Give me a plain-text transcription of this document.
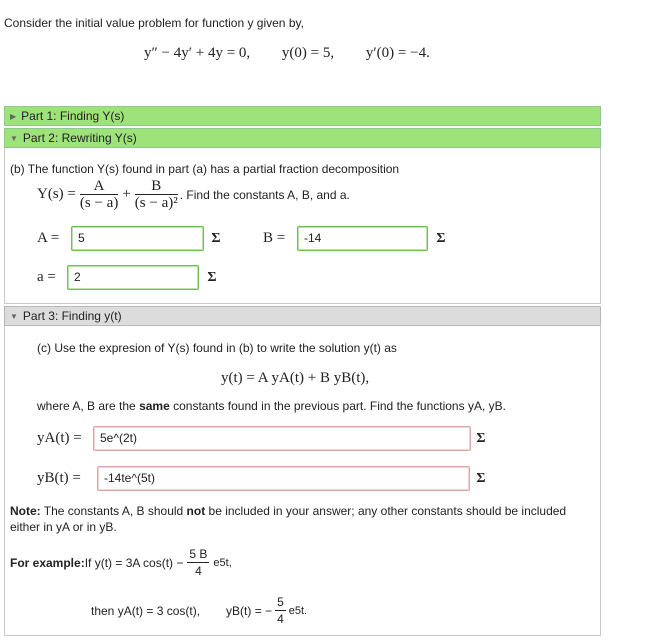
Consider the initial value problem for function y given by,
y″ − 4y′ + 4y = 0, y(0) = 5, y′(0) = −4.
▶ Part 1: Finding Y(s)
▼ Part 2: Rewriting Y(s)
(b) The function Y(s) found in part (a) has a partial fraction decomposition
$Y(s) = \frac{A}{(s - a)} + \frac{B}{\text{(s − a)²}}$ . Find the constants A, B, and a.
A =	5	Σ	B =	-14	Σ
a =	2	Σ
▼ Part 3: Finding y(t)
(c) Use the expresion of Y(s) found in (b) to write the solution y(t) as
y(t) = A yA(t) + B yB(t),
where A, B are the same constants found in the previous part. Find the functions yA, yB.
yA(t) =	5e^(2t)	Σ
yB(t) =	-14te^(5t)	Σ
Note: The constants A, B should not be included in your answer; any other constants should be included either in yA or in yB.
For example: If y(t) = 3A $\cos(t) - \frac{5 B}{4} e5t$,
then yA(t) = 3 cos(t), yB(t) = − $\frac{5}{4} e5t$.
